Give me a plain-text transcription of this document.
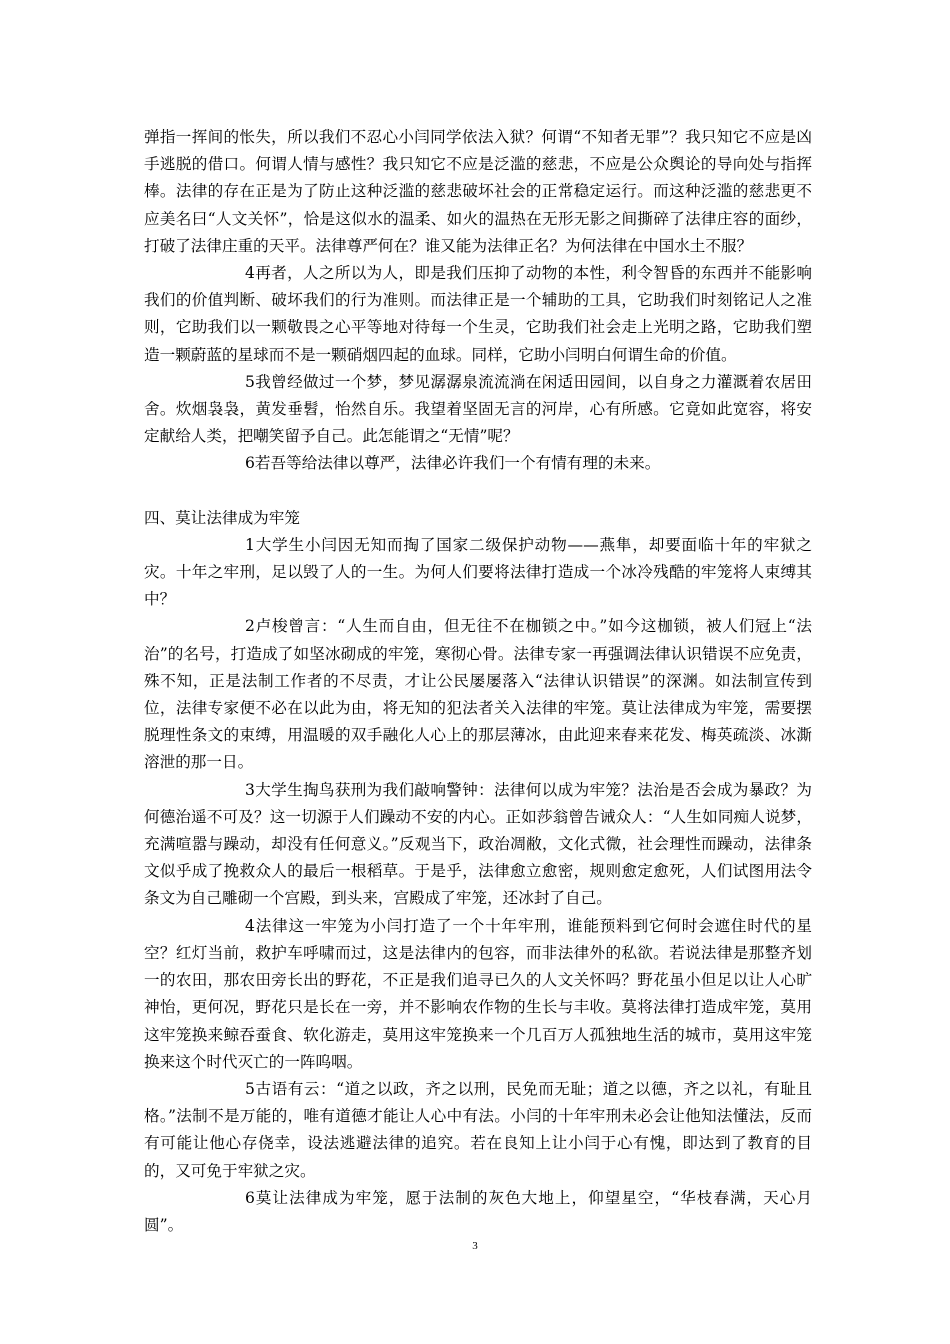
弹指一挥间的怅失，所以我们不忍心小闫同学依法入狱？何谓“不知者无罪”？我只知它不应是凶手逃脱的借口。何谓人情与感性？我只知它不应是泛滥的慈悲，不应是公众舆论的导向处与指挥棒。法律的存在正是为了防止这种泛滥的慈悲破坏社会的正常稳定运行。而这种泛滥的慈悲更不应美名曰“人文关怀”，恰是这似水的温柔、如火的温热在无形无影之间撕碎了法律庄容的面纱，打破了法律庄重的天平。法律尊严何在？谁又能为法律正名？为何法律在中国水土不服？

4再者，人之所以为人，即是我们压抑了动物的本性，利令智昏的东西并不能影响我们的价值判断、破坏我们的行为准则。而法律正是一个辅助的工具，它助我们时刻铭记人之准则，它助我们以一颗敬畏之心平等地对待每一个生灵，它助我们社会走上光明之路，它助我们塑造一颗蔚蓝的星球而不是一颗硝烟四起的血球。同样，它助小闫明白何谓生命的价值。

5我曾经做过一个梦，梦见潺潺泉流流淌在闲适田园间，以自身之力灌溉着农居田舍。炊烟袅袅，黄发垂髫，怡然自乐。我望着坚固无言的河岸，心有所感。它竟如此宽容，将安定献给人类，把嘲笑留予自己。此怎能谓之“无情”呢？

6若吾等给法律以尊严，法律必许我们一个有情有理的未来。

四、莫让法律成为牢笼

1大学生小闫因无知而掏了国家二级保护动物——燕隼，却要面临十年的牢狱之灾。十年之牢刑，足以毁了人的一生。为何人们要将法律打造成一个冰冷残酷的牢笼将人束缚其中？

2卢梭曾言：“人生而自由，但无往不在枷锁之中。”如今这枷锁，被人们冠上“法治”的名号，打造成了如坚冰砌成的牢笼，寒彻心骨。法律专家一再强调法律认识错误不应免责，殊不知，正是法制工作者的不尽责，才让公民屡屡落入“法律认识错误”的深渊。如法制宣传到位，法律专家便不必在以此为由，将无知的犯法者关入法律的牢笼。莫让法律成为牢笼，需要摆脱理性条文的束缚，用温暖的双手融化人心上的那层薄冰，由此迎来春来花发、梅英疏淡、冰澌溶泄的那一日。

3大学生掏鸟获刑为我们敲响警钟：法律何以成为牢笼？法治是否会成为暴政？为何德治遥不可及？这一切源于人们躁动不安的内心。正如莎翁曾告诫众人：“人生如同痴人说梦，充满喧嚣与躁动，却没有任何意义。”反观当下，政治凋敝，文化式微，社会理性而躁动，法律条文似乎成了挽救众人的最后一根稻草。于是乎，法律愈立愈密，规则愈定愈死，人们试图用法令条文为自己雕砌一个宫殿，到头来，宫殿成了牢笼，还冰封了自己。

4法律这一牢笼为小闫打造了一个十年牢刑，谁能预料到它何时会遮住时代的星空？红灯当前，救护车呼啸而过，这是法律内的包容，而非法律外的私欲。若说法律是那整齐划一的农田，那农田旁长出的野花，不正是我们追寻已久的人文关怀吗？野花虽小但足以让人心旷神怡，更何况，野花只是长在一旁，并不影响农作物的生长与丰收。莫将法律打造成牢笼，莫用这牢笼换来鲸吞蚕食、软化游走，莫用这牢笼换来一个几百万人孤独地生活的城市，莫用这牢笼换来这个时代灭亡的一阵呜咽。

5古语有云：“道之以政，齐之以刑，民免而无耻；道之以德，齐之以礼，有耻且格。”法制不是万能的，唯有道德才能让人心中有法。小闫的十年牢刑未必会让他知法懂法，反而有可能让他心存侥幸，设法逃避法律的追究。若在良知上让小闫于心有愧，即达到了教育的目的，又可免于牢狱之灾。

6莫让法律成为牢笼，愿于法制的灰色大地上，仰望星空，“华枝春满，天心月圆”。

3
